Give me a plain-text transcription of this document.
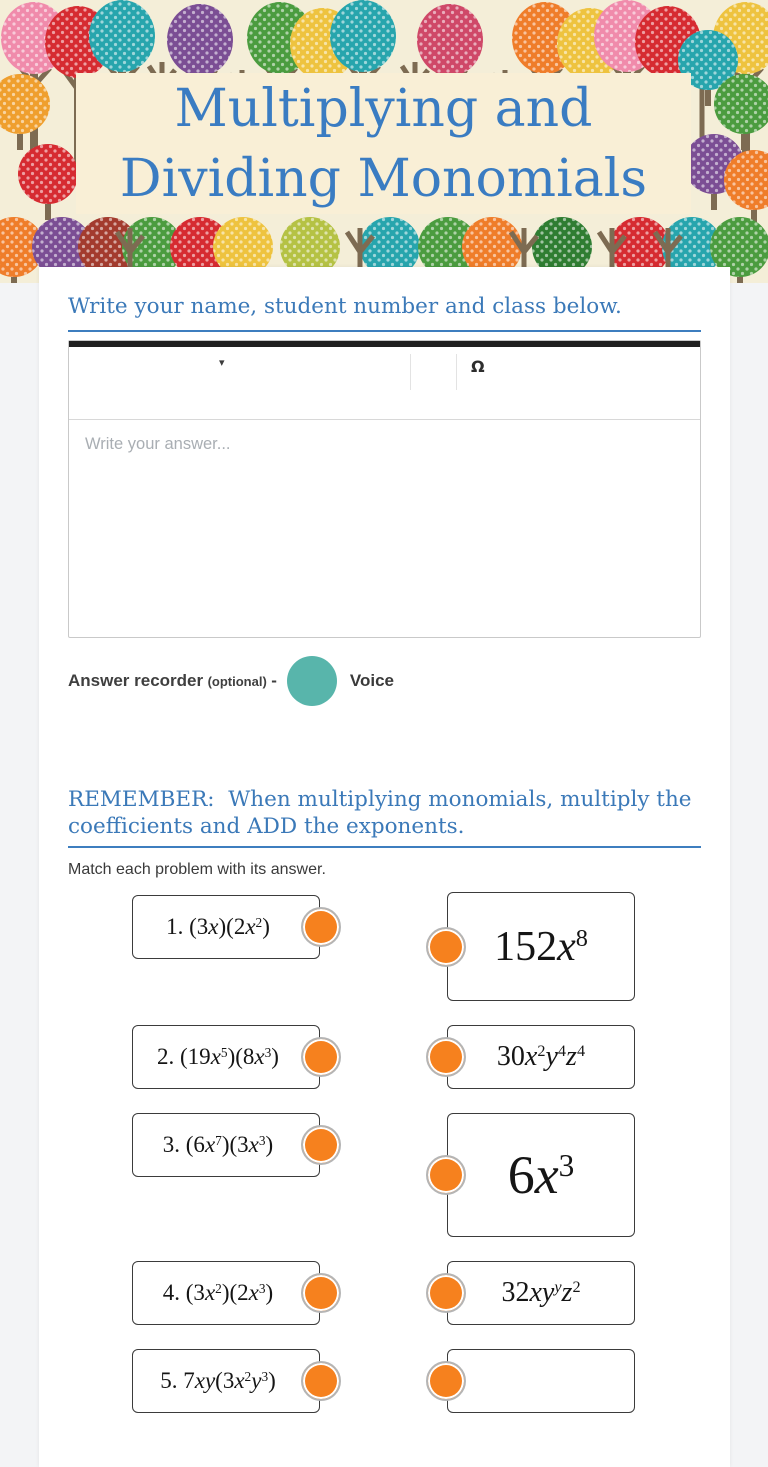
Multiplying and Dividing Monomials
Write your name, student number and class below.
▾	Ω
Write your answer...
Answer recorder
(optional)
-	Voice
REMEMBER:  When multiplying monomials, multiply the coefficients and ADD the exponents.
Match each problem with its answer.
1. $(3x)(2x^2)$	$152x^8$
2. $(19x^5)(8x^3)$	$30x^2y^4z^4$
3. $(6x^7)(3x^3)$
$6x^3$
4. $(3x^2)(2x^3)$	$32xy^yz^2$
5. $7xy(3x^2y^3)$
